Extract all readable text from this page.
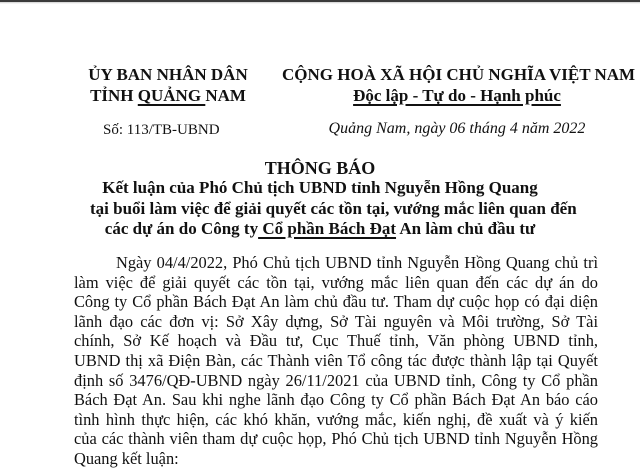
ỦY BAN NHÂN DÂN
TỈNH QUẢNG NAM
CỘNG HOÀ XÃ HỘI CHỦ NGHĨA VIỆT NAM
Độc lập - Tự do - Hạnh phúc
Số: 113/TB-UBND	Quảng Nam, ngày 06 tháng 4 năm 2022
THÔNG BÁO
Kết luận của Phó Chủ tịch UBND tỉnh Nguyễn Hồng Quang
tại buổi làm việc để giải quyết các tồn tại, vướng mắc liên quan đến
các dự án do Công ty Cổ phần Bách Đạt An làm chủ đầu tư
Ngày 04/4/2022, Phó Chủ tịch UBND tỉnh Nguyễn Hồng Quang chủ trì
làm việc để giải quyết các tồn tại, vướng mắc liên quan đến các dự án do
Công ty Cổ phần Bách Đạt An làm chủ đầu tư. Tham dự cuộc họp có đại diện
lãnh đạo các đơn vị: Sở Xây dựng, Sở Tài nguyên và Môi trường, Sở Tài
chính, Sở Kế hoạch và Đầu tư, Cục Thuế tỉnh, Văn phòng UBND tỉnh,
UBND thị xã Điện Bàn, các Thành viên Tổ công tác được thành lập tại Quyết
định số 3476/QĐ-UBND ngày 26/11/2021 của UBND tỉnh, Công ty Cổ phần
Bách Đạt An. Sau khi nghe lãnh đạo Công ty Cổ phần Bách Đạt An báo cáo
tình hình thực hiện, các khó khăn, vướng mắc, kiến nghị, đề xuất và ý kiến
của các thành viên tham dự cuộc họp, Phó Chủ tịch UBND tỉnh Nguyễn Hồng
Quang kết luận:
